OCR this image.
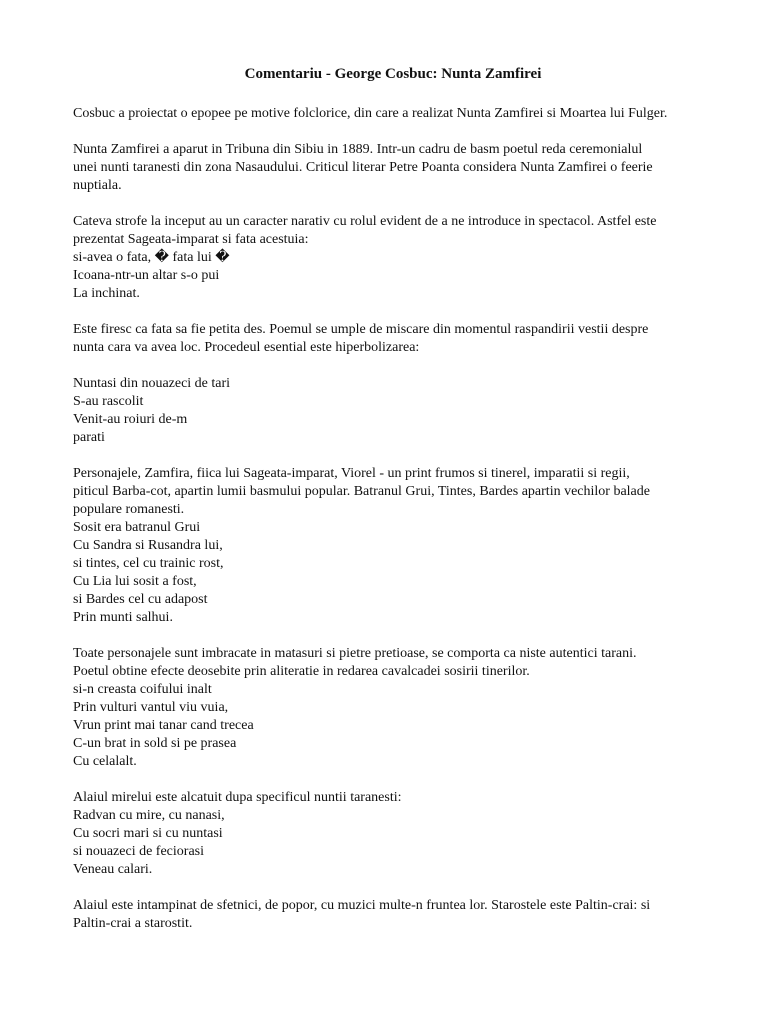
Comentariu - George Cosbuc: Nunta Zamfirei
Cosbuc a proiectat o epopee pe motive folclorice, din care a realizat Nunta Zamfirei si Moartea lui Fulger.
Nunta Zamfirei a aparut in Tribuna din Sibiu in 1889. Intr-un cadru de basm poetul reda ceremonialul
unei nunti taranesti din zona Nasaudului. Criticul literar Petre Poanta considera Nunta Zamfirei o feerie
nuptiala.
Cateva strofe la inceput au un caracter narativ cu rolul evident de a ne introduce in spectacol. Astfel este
prezentat Sageata-imparat si fata acestuia:
si-avea o fata, � fata lui �
Icoana-ntr-un altar s-o pui
La inchinat.
Este firesc ca fata sa fie petita des. Poemul se umple de miscare din momentul raspandirii vestii despre
nunta cara va avea loc. Procedeul esential este hiperbolizarea:
Nuntasi din nouazeci de tari
S-au rascolit
Venit-au roiuri de-m
parati
Personajele, Zamfira, fiica lui Sageata-imparat, Viorel - un print frumos si tinerel, imparatii si regii,
piticul Barba-cot, apartin lumii basmului popular. Batranul Grui, Tintes, Bardes apartin vechilor balade
populare romanesti.
Sosit era batranul Grui
Cu Sandra si Rusandra lui,
si tintes, cel cu trainic rost,
Cu Lia lui sosit a fost,
si Bardes cel cu adapost
Prin munti salhui.
Toate personajele sunt imbracate in matasuri si pietre pretioase, se comporta ca niste autentici tarani.
Poetul obtine efecte deosebite prin aliteratie in redarea cavalcadei sosirii tinerilor.
si-n creasta coifului inalt
Prin vulturi vantul viu vuia,
Vrun print mai tanar cand trecea
C-un brat in sold si pe prasea
Cu celalalt.
Alaiul mirelui este alcatuit dupa specificul nuntii taranesti:
Radvan cu mire, cu nanasi,
Cu socri mari si cu nuntasi
si nouazeci de feciorasi
Veneau calari.
Alaiul este intampinat de sfetnici, de popor, cu muzici multe-n fruntea lor. Starostele este Paltin-crai: si
Paltin-crai a starostit.
